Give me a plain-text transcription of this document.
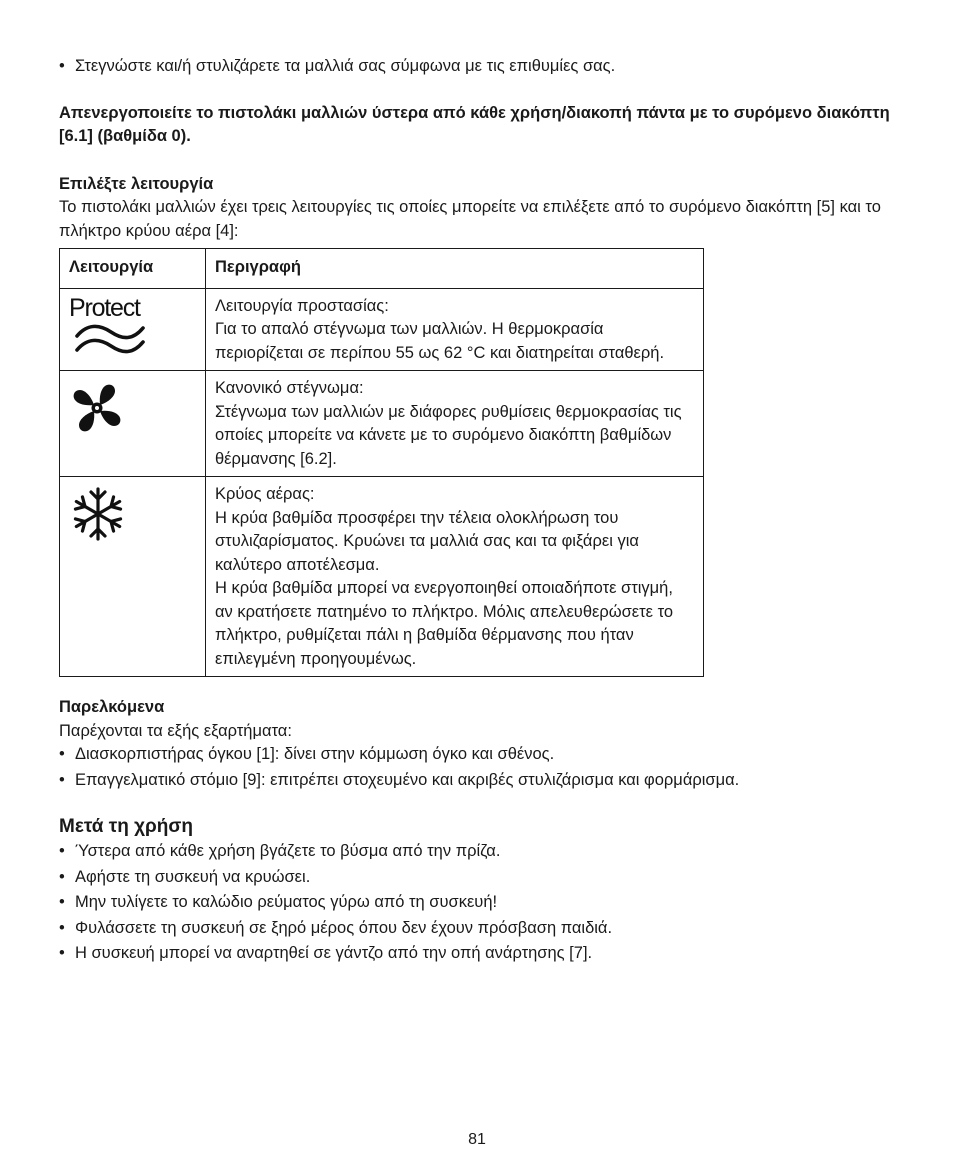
• Στεγνώστε και/ή στυλιζάρετε τα μαλλιά σας σύμφωνα με τις επιθυμίες σας.
Απενεργοποιείτε το πιστολάκι μαλλιών ύστερα από κάθε χρήση/διακοπή πάντα με το συρόμενο διακόπτη [6.1] (βαθμίδα 0).
Επιλέξτε λειτουργία
Το πιστολάκι μαλλιών έχει τρεις λειτουργίες τις οποίες μπορείτε να επιλέξετε από το συρόμενο διακόπτη [5] και το πλήκτρο κρύου αέρα [4]:
Λειτουργία	Περιγραφή

Protect	Λειτουργία προστασίας:
Για το απαλό στέγνωμα των μαλλιών. Η θερμοκρασία περιορίζεται σε περίπου 55 ως 62 °C και διατηρείται σταθερή.

Κανονικό στέγνωμα:
Στέγνωμα των μαλλιών με διάφορες ρυθμίσεις θερμοκρασίας τις οποίες μπορείτε να κάνετε με το συρόμενο διακόπτη βαθμίδων θέρμανσης [6.2].

Κρύος αέρας:
Η κρύα βαθμίδα προσφέρει την τέλεια ολοκλήρωση του στυλιζαρίσματος. Κρυώνει τα μαλλιά σας και τα φιξάρει για καλύτερο αποτέλεσμα.
Η κρύα βαθμίδα μπορεί να ενεργοποιηθεί οποιαδήποτε στιγμή, αν κρατήσετε πατημένο το πλήκτρο. Μόλις απελευθερώσετε το πλήκτρο, ρυθμίζεται πάλι η βαθμίδα θέρμανσης που ήταν επιλεγμένη προηγουμένως.
Παρελκόμενα
Παρέχονται τα εξής εξαρτήματα:
• Διασκορπιστήρας όγκου [1]: δίνει στην κόμμωση όγκο και σθένος.
• Επαγγελματικό στόμιο [9]: επιτρέπει στοχευμένο και ακριβές στυλιζάρισμα και φορμάρισμα.
Μετά τη χρήση
• Ύστερα από κάθε χρήση βγάζετε το βύσμα από την πρίζα.
• Αφήστε τη συσκευή να κρυώσει.
• Μην τυλίγετε το καλώδιο ρεύματος γύρω από τη συσκευή!
• Φυλάσσετε τη συσκευή σε ξηρό μέρος όπου δεν έχουν πρόσβαση παιδιά.
• Η συσκευή μπορεί να αναρτηθεί σε γάντζο από την οπή ανάρτησης [7].
81
